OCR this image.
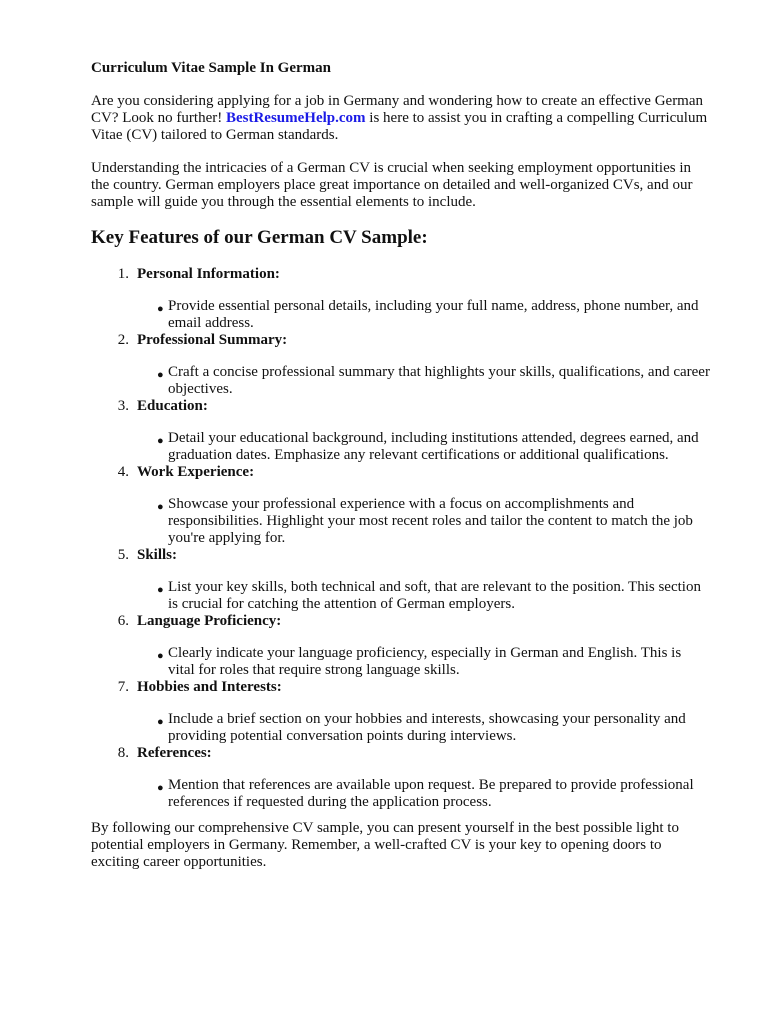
Curriculum Vitae Sample In German

Are you considering applying for a job in Germany and wondering how to create an effective German CV? Look no further! BestResumeHelp.com is here to assist you in crafting a compelling Curriculum Vitae (CV) tailored to German standards.

Understanding the intricacies of a German CV is crucial when seeking employment opportunities in the country. German employers place great importance on detailed and well-organized CVs, and our sample will guide you through the essential elements to include.

Key Features of our German CV Sample:
1. Personal Information:
● Provide essential personal details, including your full name, address, phone number, and email address.
2. Professional Summary:
● Craft a concise professional summary that highlights your skills, qualifications, and career objectives.
3. Education:
● Detail your educational background, including institutions attended, degrees earned, and graduation dates. Emphasize any relevant certifications or additional qualifications.
4. Work Experience:
● Showcase your professional experience with a focus on accomplishments and responsibilities. Highlight your most recent roles and tailor the content to match the job you're applying for.
5. Skills:
● List your key skills, both technical and soft, that are relevant to the position. This section is crucial for catching the attention of German employers.
6. Language Proficiency:
● Clearly indicate your language proficiency, especially in German and English. This is vital for roles that require strong language skills.
7. Hobbies and Interests:
● Include a brief section on your hobbies and interests, showcasing your personality and providing potential conversation points during interviews.
8. References:
● Mention that references are available upon request. Be prepared to provide professional references if requested during the application process.

By following our comprehensive CV sample, you can present yourself in the best possible light to potential employers in Germany. Remember, a well-crafted CV is your key to opening doors to exciting career opportunities.
